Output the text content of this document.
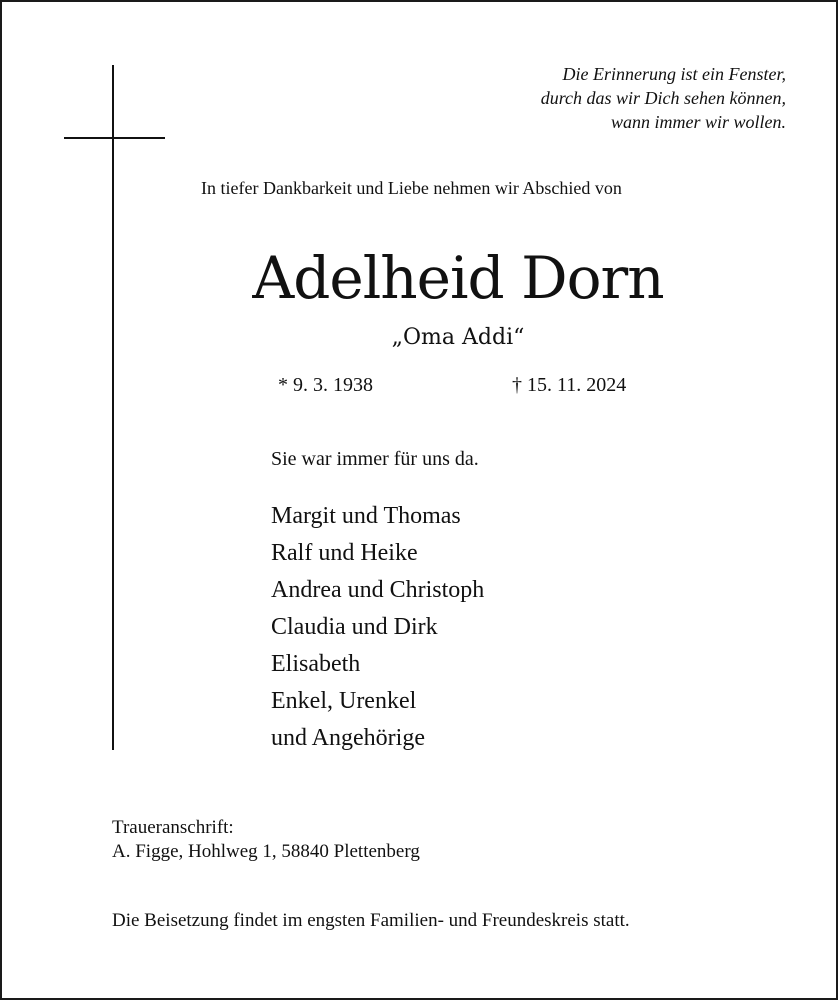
Die Erinnerung ist ein Fenster,
durch das wir Dich sehen können,
wann immer wir wollen.
In tiefer Dankbarkeit und Liebe nehmen wir Abschied von
Adelheid Dorn
„Oma Addi“
* 9. 3. 1938	† 15. 11. 2024
Sie war immer für uns da.
Margit und Thomas
Ralf und Heike
Andrea und Christoph
Claudia und Dirk
Elisabeth
Enkel, Urenkel
und Angehörige
Traueranschrift:
A. Figge, Hohlweg 1, 58840 Plettenberg
Die Beisetzung findet im engsten Familien- und Freundeskreis statt.
